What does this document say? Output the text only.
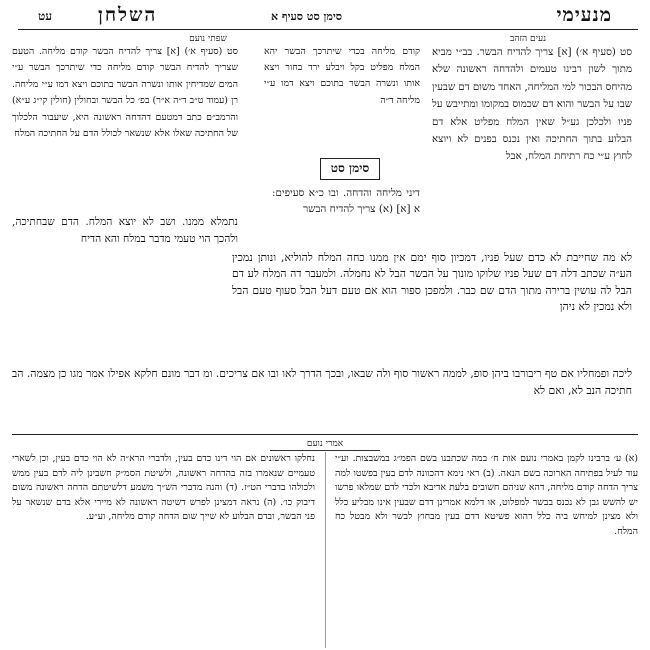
מנעימי
סימן סט סעיף א
השלחן
עט
נעים הזהב
שפתי נועם
סט (סעיף א׳) [א] צריך להדיח הבשר. בב״י מביא מתוך לשון רבינו טעמים ולהדחה ראשונה שלא מהיחס הבכור למי המליחה, האחד משום דם שבעין שבו על הבשר והוא דם שכמוס במקומו ומתייבש על פניו ולכלכן גע״ל שאין המלח מפליט אלא דם הבלוע בתוך החתיכה ואין נכנס בפנים לא ויוצא לחוץ ע״י כח רתיחת המלח, אבל
קודם מליחה בכדי שיתרכך הבשר יהא המלח מפליט בקל ויבלע ירד בחור ויצא אותו ונשרה הבשר בתוכם ויצא דמו ע״י מליחה ד״ה
סט (סעיף א׳) [א] צריך להדיח הבשר קודם מליחה. הטעם שצריך להדיח הבשר קודם מליחה כדי שיתרכך הבשר ע״י המים שמדיחין אותו ונשרה הבשר בתוכם ויצא דמו ע״י מליחה. רן (עמוד ט״ב ד״ה א״ר) בפ׳ כל הבשר ובחולין (חולין קי״ג ע״א) והרמב״ם כתב דמטעם דהדחה ראשונה היא, שיעבור הלכלוך של החתיכה שאלו אלא שנשאר לכולל הדם על החתיכה המלח
סימן סט
דיני מליחה והדחה. ובו כ״א סעיפים: א [א] (א) צריך להדיח הבשר
נתמלא ממנו. ושב לא יוצא המלח. הדם שבחתיכה, ולהכך הוי טעמי מדבר במלח והא הדיח
לא מה שחייבת לא כדם שעל פניו, דמכיון סוף ימם אין ממנו כחה המלח להוליא, ונותן נמכין הע״ה שכתב דלה דם שעל פניו שלוקו מונוך על הבשר הבל לא נחמלה. ולמעבר דה המלח לע דם הבל לה עושין ברירה מתוך הדם שם כבר. ולמפכן ספור הוא אם טעם דעל הבל סעוף טעם הבל ולא נמכין לא ניהן
ליכה ופמחליו אם טף ריבורבו ביהן סופ, לממה ראשור סוף ולה שבאו, ובכך הדרך לאו ובו אם צריכים. ומ דבר מונם חלקא אפילו אמר מגו כן מצמה. הב חתיכה הנב לא, ואם לא
אמרי נועם
(א) ע׳ ברבינו לקמן באמרי נועם אות ח׳ במה שכתבנו בשם הפמ״ג במשבצות. וע״י עוד לעיל בפתיחה הארוכה בשם הנאה. (ב) ראי נימא דהכוונה לדם בעין בפשטו למה צריך הדחה קודם מליחה, דהא שניהם חשובים בלעת אדיבא ולכדי לדם שמלאו פרשו יש להשש גבן לא נכנס בבשר למפלוט, או דלמא אמרינן דדם שבעין אינו מבליע כלל ולא מצינן למיחש ביה כלל דהוא פשיטא דדם בעין מבחוץ לבשר ולא מבטל כח המלח.
נחלקו ראשונים אם הוי דינו כדם בעין, ולדברי הרא״ה לא הוי כדם בעין, וכן לשארי טעמיים שנאמרו בזה בהדחה ראשונה, ולשיטת הסמ״ק חשבינן ליה לדם בעין ממש ולכולהו בדברי הט״ז. (ד) והנה מדברי הש״ך משמע דלשיטתם הדחה ראשונה משום דיבוק כו׳. (ה) נראה דמצינן לפרש דשיטה ראשונה לא מיירי אלא בדם שנשאר על פני הבשר, ובדם הבלוע לא שייך שום הדחה קודם מליחה, וע״ע.
